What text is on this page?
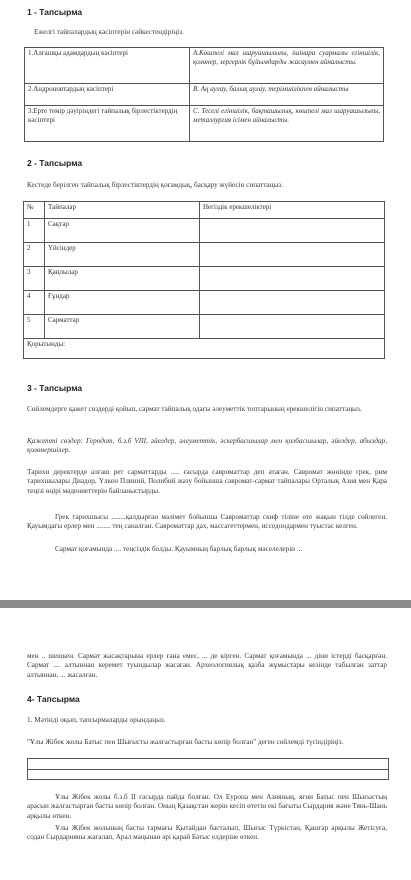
1 - Тапсырма

Ежелгі тайпалардың кәсіптерін сәйкестендіріңіз.

1.Алғашқы адамдардың кәсіптері	А.Көшпелі мал шаруашылығы, ішінара суармалы егіншілік, қолөнер, зергерлік бұйымдарды жасаумен айналысты.
2.Андроновтардың кәсіптері	В. Аң аулау, балық аулау, терімшілікпен айналысты
3.Ерте темір дәуіріндегі тайпалық бірлестіктердің кәсіптері	С. Теселі егіншілік, бақташылық, көшпелі мал шаруашылығы, металлургия ісімен айналысты.

2 - Тапсырма

Кестеде берілген тайпалық бірлестіктердің қоғамдық, басқару жүйесін сипаттаңыз.

№	Тайпалар	Негіздік ерекшеліктері
1	Сақтар	
2	Үйсіндер	
3	Қаңлылар	
4	Ғұндар	
5	Сарматтар	
Қорытынды:		

3 - Тапсырма

Сөйлемдерге қажет сөздерді қойып, сармат тайпалық одағы әлеуметтік топтарының ерекшелігін сипаттаңыз.

Қажетті сөздер: Геродот, б.з.б VIII, әйелдер, әлеуметтік, әскербасшылар мен қолбасшылар, әйелдер, абыздар, қолөнершілер.

Тарихи деректерде алғаш рет сарматтарды ..... ғасырда савроматтар деп атаған. Савромат жөнінде грек, рим тарихшылары Диадор, Үлкен Плиний, Полибий жазу бойынша савромат-сармат тайпалары Орталық Азия мен Қара теңізі өңірі мәдениеттерін байланыстырды.

Грек тарихшысы ........қалдырған мәлімет бойынша Савроматтар скиф тіліне өте жақын тілде сөйлеген. Қауымдағы ерлер мен ........ тең саналған. Савроматтар дах, массагеттермен, исседондармен туыстас келген.

Сармат қоғамында .... теңсіздік болды. Қауымның барлық барлық мәселелерін ...

мен .. шешкен. Сармат жасақтарына ерлер ғана емес, ... де кірген. Сармат қоғамында ... діни істерді басқарған. Сармат .... алтыннан керемет туындылар жасаған. Археологиялық қазба жұмыстары кезінде табылған заттар алтыннан, ... жасалған.

4- Тапсырма

1. Мәтінді оқып, тапсырмаларды орындаңыз.

"Ұлы Жібек жолы Батыс пен Шығысты жалғастырған басты көпір болған" деген сөйлемді түсіндіріңіз.

Ұлы Жібек жолы б.з.б II ғасырда пайда болған. Ол Еуропа мен Азияның, яғни Батыс пен Шығыстың арасын жалғастырған басты көпір болған. Оның Қазақстан жерін кесіп өтетін екі бағыты Сырдария және Тянь-Шань арқылы өткен.

Ұлы Жібек жолының басты тармағы Қытайдан басталып, Шығыс Түркістан, Қашғар арқылы Жетісуға, содан Сырдарияны жағалап, Арал маңынан әрі қарай Батыс елдеріне өткен.
